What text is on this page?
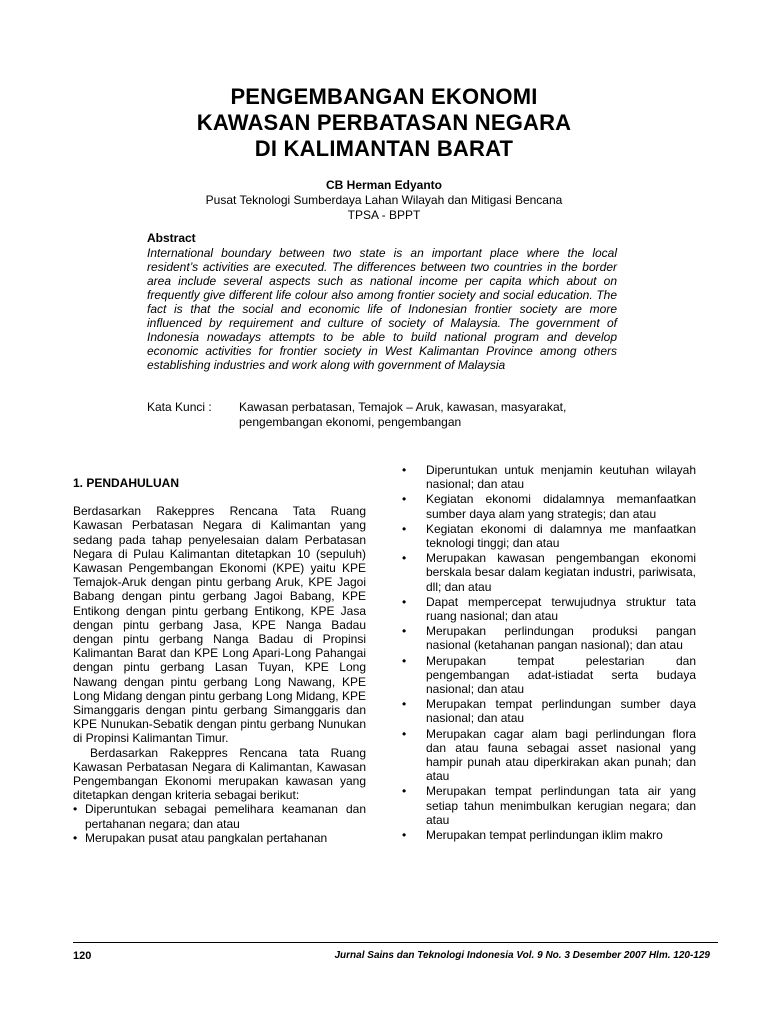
PENGEMBANGAN EKONOMI
KAWASAN PERBATASAN NEGARA
DI KALIMANTAN BARAT
CB Herman Edyanto
Pusat Teknologi Sumberdaya Lahan Wilayah dan Mitigasi Bencana
TPSA - BPPT
Abstract
International boundary between two state is an important place where the local resident’s activities are executed. The differences between two countries in the border area include several aspects such as national income per capita which about on frequently give different life colour also among frontier society and social education. The fact is that the social and economic life of Indonesian frontier society are more influenced by requirement and culture of society of Malaysia. The government of Indonesia nowadays attempts to be able to build national program and develop economic activities for frontier society in West Kalimantan Province among others establishing industries and work along with government of Malaysia
Kata Kunci :	Kawasan perbatasan, Temajok – Aruk, kawasan, masyarakat, pengembangan ekonomi, pengembangan
1. PENDAHULUAN

Berdasarkan Rakeppres Rencana Tata Ruang Kawasan Perbatasan Negara di Kalimantan yang sedang pada tahap penyelesaian dalam Perbatasan Negara di Pulau Kalimantan ditetapkan 10 (sepuluh) Kawasan Pengembangan Ekonomi (KPE) yaitu KPE Temajok-Aruk dengan pintu gerbang Aruk, KPE Jagoi Babang dengan pintu gerbang Jagoi Babang, KPE Entikong dengan pintu gerbang Entikong, KPE Jasa dengan pintu gerbang Jasa, KPE Nanga Badau dengan pintu gerbang Nanga Badau di Propinsi Kalimantan Barat dan KPE Long Apari-Long Pahangai dengan pintu gerbang Lasan Tuyan, KPE Long Nawang dengan pintu gerbang Long Nawang, KPE Long Midang dengan pintu gerbang Long Midang, KPE Simanggaris dengan pintu gerbang Simanggaris dan KPE Nunukan-Sebatik dengan pintu gerbang Nunukan di Propinsi Kalimantan Timur.

Berdasarkan Rakeppres Rencana tata Ruang Kawasan Perbatasan Negara di Kalimantan, Kawasan Pengembangan Ekonomi merupakan kawasan yang ditetapkan dengan kriteria sebagai berikut:

• Diperuntukan sebagai pemelihara keamanan dan pertahanan negara; dan atau
• Merupakan pusat atau pangkalan pertahanan
• Diperuntukan untuk menjamin keutuhan wilayah nasional; dan atau
• Kegiatan ekonomi didalamnya memanfaatkan sumber daya alam yang strategis; dan atau
• Kegiatan ekonomi di dalamnya me manfaatkan teknologi tinggi; dan atau
• Merupakan kawasan pengembangan ekonomi berskala besar dalam kegiatan industri, pariwisata, dll; dan atau
• Dapat mempercepat terwujudnya struktur tata ruang nasional; dan atau
• Merupakan perlindungan produksi pangan nasional (ketahanan pangan nasional); dan atau
• Merupakan tempat pelestarian dan pengembangan adat-istiadat serta budaya nasional; dan atau
• Merupakan tempat perlindungan sumber daya nasional; dan atau
• Merupakan cagar alam bagi perlindungan flora dan atau fauna sebagai asset nasional yang hampir punah atau diperkirakan akan punah; dan atau
• Merupakan tempat perlindungan tata air yang setiap tahun menimbulkan kerugian negara; dan atau
• Merupakan tempat perlindungan iklim makro
120	Jurnal Sains dan Teknologi Indonesia Vol. 9 No. 3 Desember 2007 Hlm. 120-129
